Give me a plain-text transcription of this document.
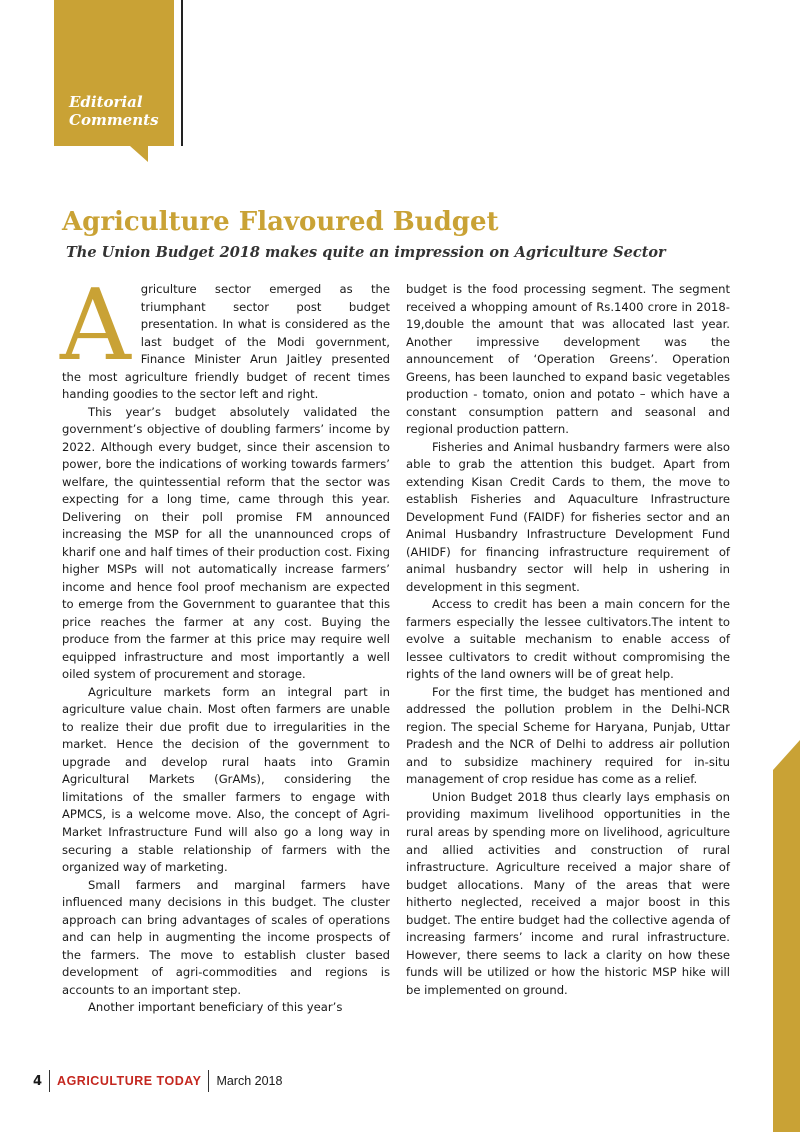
Editorial
Comments
Agriculture Flavoured Budget
The Union Budget 2018 makes quite an impression on Agriculture Sector

Agriculture sector emerged as the triumphant sector post budget presentation. In what is considered as the last budget of the Modi government, Finance Minister Arun Jaitley presented the most agriculture friendly budget of recent times handing goodies to the sector left and right.

This year’s budget absolutely validated the government’s objective of doubling farmers’ income by 2022. Although every budget, since their ascension to power, bore the indications of working towards farmers’ welfare, the quintessential reform that the sector was expecting for a long time, came through this year. Delivering on their poll promise FM announced increasing the MSP for all the unannounced crops of kharif one and half times of their production cost. Fixing higher MSPs will not automatically increase farmers’ income and hence fool proof mechanism are expected to emerge from the Government to guarantee that this price reaches the farmer at any cost. Buying the produce from the farmer at this price may require well equipped infrastructure and most importantly a well oiled system of procurement and storage.

Agriculture markets form an integral part in agriculture value chain. Most often farmers are unable to realize their due profit due to irregularities in the market. Hence the decision of the government to upgrade and develop rural haats into Gramin Agricultural Markets (GrAMs), considering the limitations of the smaller farmers to engage with APMCS, is a welcome move. Also, the concept of Agri-Market Infrastructure Fund will also go a long way in securing a stable relationship of farmers with the organized way of marketing.

Small farmers and marginal farmers have influenced many decisions in this budget. The cluster approach can bring advantages of scales of operations and can help in augmenting the income prospects of the farmers. The move to establish cluster based development of agri-commodities and regions is accounts to an important step.

Another important beneficiary of this year’s

budget is the food processing segment. The segment received a whopping amount of Rs.1400 crore in 2018-19,double the amount that was allocated last year. Another impressive development was the announcement of ‘Operation Greens’. Operation Greens, has been launched to expand basic vegetables production - tomato, onion and potato – which have a constant consumption pattern and seasonal and regional production pattern.

Fisheries and Animal husbandry farmers were also able to grab the attention this budget. Apart from extending Kisan Credit Cards to them, the move to establish Fisheries and Aquaculture Infrastructure Development Fund (FAIDF) for fisheries sector and an Animal Husbandry Infrastructure Development Fund (AHIDF) for financing infrastructure requirement of animal husbandry sector will help in ushering in development in this segment.

Access to credit has been a main concern for the farmers especially the lessee cultivators.The intent to evolve a suitable mechanism to enable access of lessee cultivators to credit without compromising the rights of the land owners will be of great help.

For the first time, the budget has mentioned and addressed the pollution problem in the Delhi-NCR region. The special Scheme for Haryana, Punjab, Uttar Pradesh and the NCR of Delhi to address air pollution and to subsidize machinery required for in-situ management of crop residue has come as a relief.

Union Budget 2018 thus clearly lays emphasis on providing maximum livelihood opportunities in the rural areas by spending more on livelihood, agriculture and allied activities and construction of rural infrastructure. Agriculture received a major share of budget allocations. Many of the areas that were hitherto neglected, received a major boost in this budget. The entire budget had the collective agenda of increasing farmers’ income and rural infrastructure. However, there seems to lack a clarity on how these funds will be utilized or how the historic MSP hike will be implemented on ground.

4 AGRICULTURE TODAY March 2018
